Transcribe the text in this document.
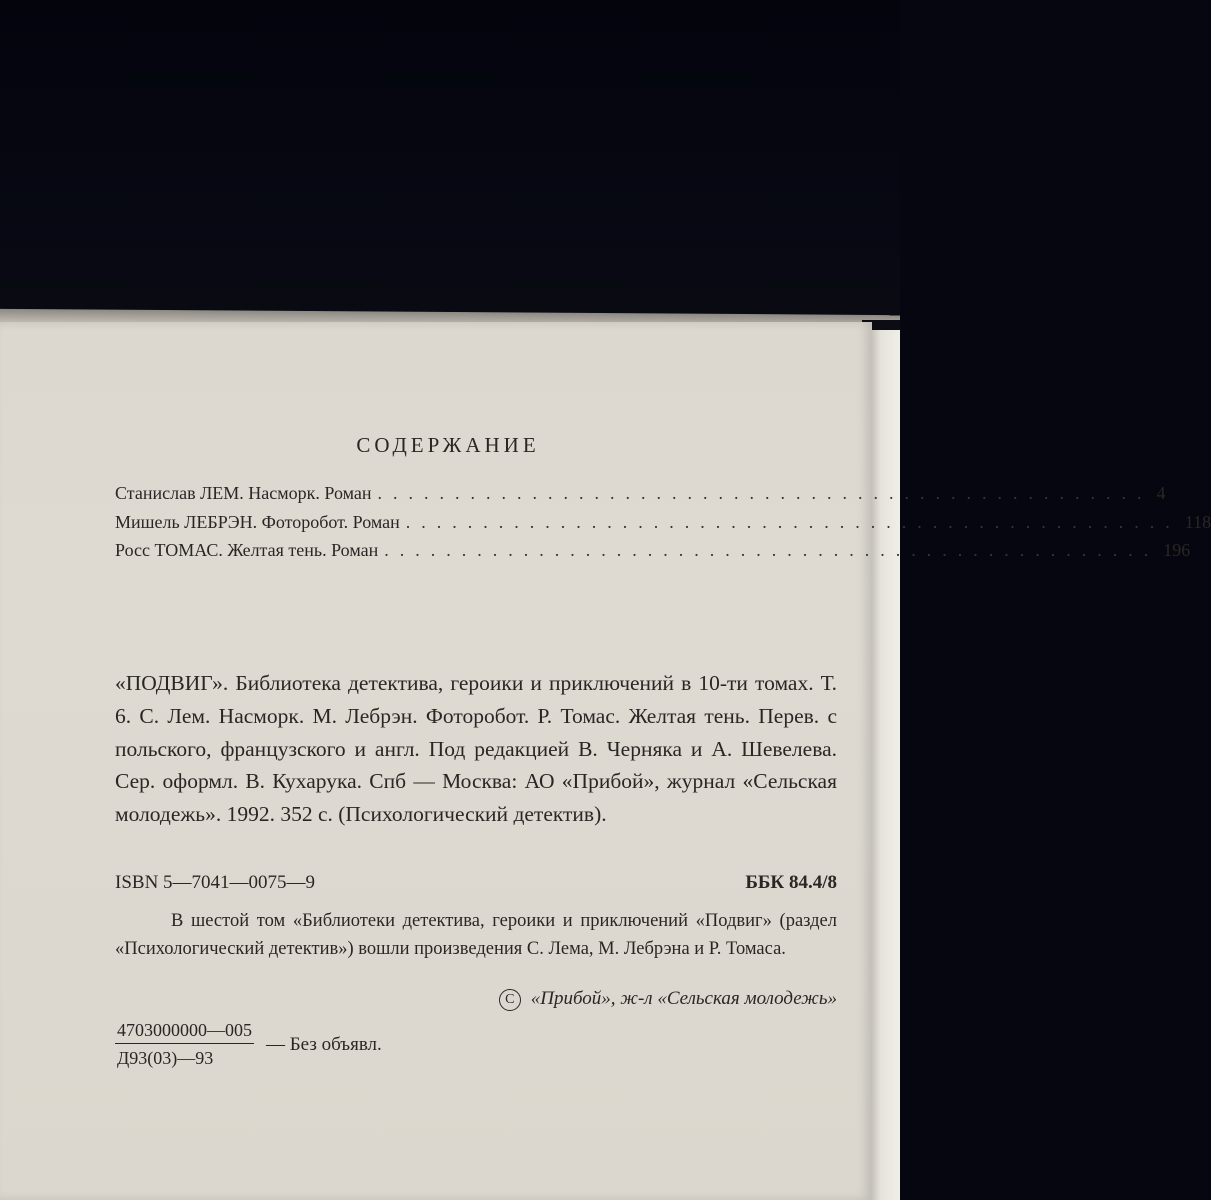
СОДЕРЖАНИЕ
Станислав ЛЕМ. Насморк. Роман .................................................. 4
Мишель ЛЕБРЭН. Фоторобот. Роман .................................................. 118
Росс ТОМАС. Желтая тень. Роман .................................................. 196

«ПОДВИГ». Библиотека детектива, героики и приключений в 10-ти томах. Т. 6. С. Лем. Насморк. М. Лебрэн. Фоторобот. Р. Томас. Желтая тень. Перев. с польского, французского и англ. Под редакцией В. Черняка и А. Шевелева. Сер. оформл. В. Кухарука. Спб — Москва: АО «Прибой», журнал «Сельская молодежь». 1992. 352 с. (Психологический детектив).

ISBN 5—7041—0075—9	ББК 84.4/8
В шестой том «Библиотеки детектива, героики и приключений «Подвиг» (раздел «Психологический детектив») вошли произведения С. Лема, М. Лебрэна и Р. Томаса.
C «Прибой», ж-л «Сельская молодежь»
$\frac{4703000000—005}{Д93(03)—93}$ — Без объявл.
